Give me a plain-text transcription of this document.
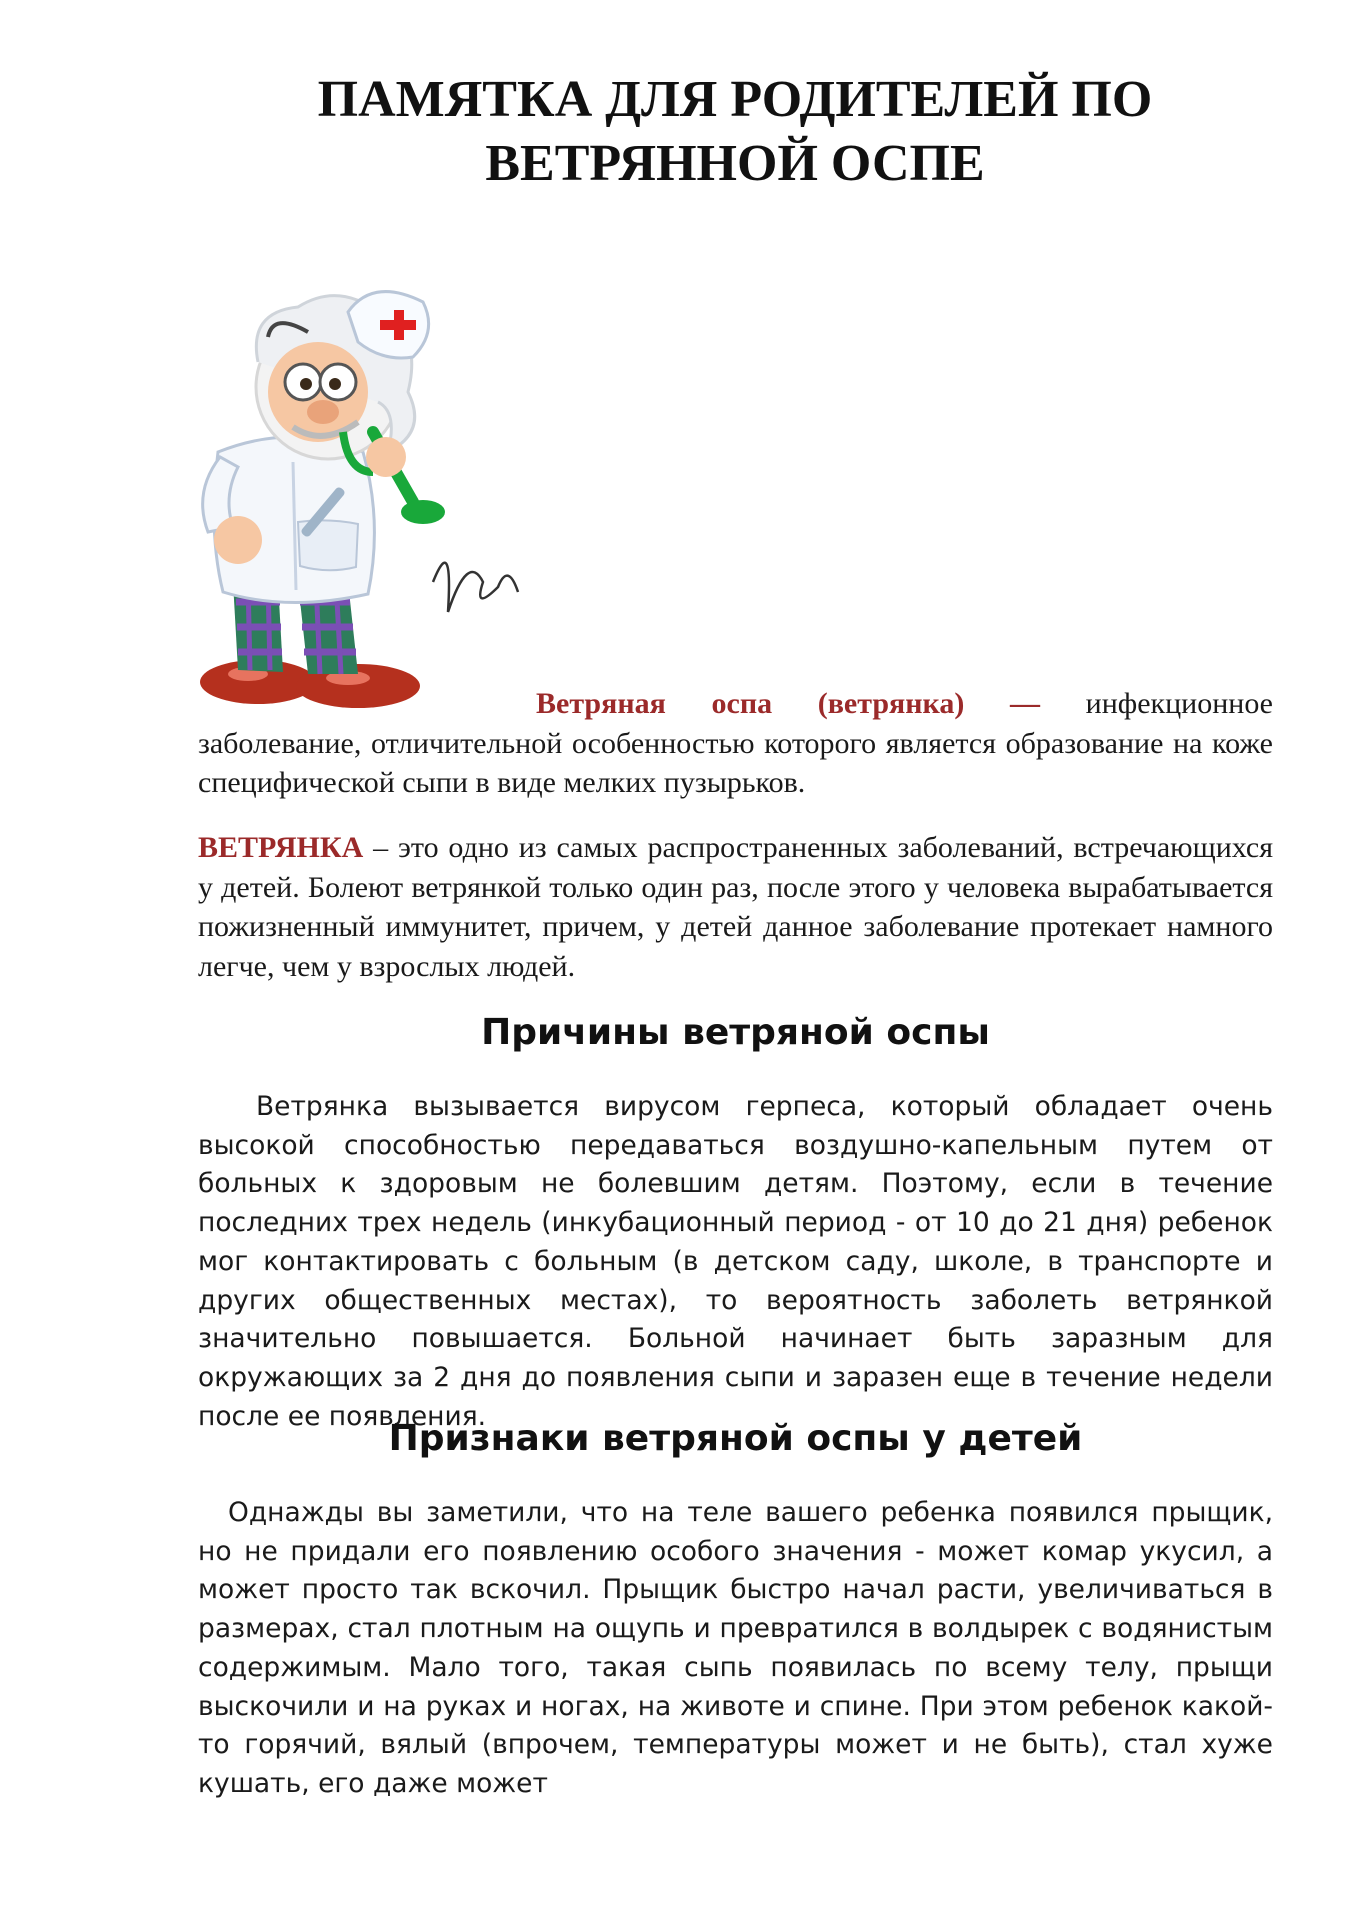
ПАМЯТКА ДЛЯ РОДИТЕЛЕЙ ПО
ВЕТРЯННОЙ ОСПЕ

Ветряная оспа (ветрянка) — инфекционное заболевание, отличительной особенностью которого является образование на коже специфической сыпи в виде мелких пузырьков.

ВЕТРЯНКА – это одно из самых распространенных заболеваний, встречающихся у детей. Болеют ветрянкой только один раз, после этого у человека вырабатывается пожизненный иммунитет, причем, у детей данное заболевание протекает намного легче, чем у взрослых людей.

Причины ветряной оспы

Ветрянка вызывается вирусом герпеса, который обладает очень высокой способностью передаваться воздушно-капельным путем от больных к здоровым не болевшим детям. Поэтому, если в течение последних трех недель (инкубационный период - от 10 до 21 дня) ребенок мог контактировать с больным (в детском саду, школе, в транспорте и других общественных местах), то вероятность заболеть ветрянкой значительно повышается. Больной начинает быть заразным для окружающих за 2 дня до появления сыпи и заразен еще в течение недели после ее появления.

Признаки ветряной оспы у детей

Однажды вы заметили, что на теле вашего ребенка появился прыщик, но не придали его появлению особого значения - может комар укусил, а может просто так вскочил. Прыщик быстро начал расти, увеличиваться в размерах, стал плотным на ощупь и превратился в волдырек с водянистым содержимым. Мало того, такая сыпь появилась по всему телу, прыщи выскочили и на руках и ногах, на животе и спине. При этом ребенок какой-то горячий, вялый (впрочем, температуры может и не быть), стал хуже кушать, его даже может
